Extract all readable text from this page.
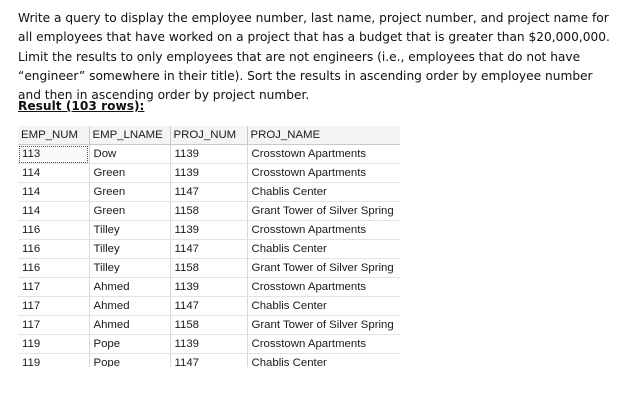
Write a query to display the employee number, last name, project number, and project name for all employees that have worked on a project that has a budget that is greater than $20,000,000. Limit the results to only employees that are not engineers (i.e., employees that do not have “engineer” somewhere in their title). Sort the results in ascending order by employee number and then in ascending order by project number.

Result (103 rows):
EMP_NUM	EMP_LNAME	PROJ_NUM	PROJ_NAME
113	Dow	1139	Crosstown Apartments
114	Green	1139	Crosstown Apartments
114	Green	1147	Chablis Center
114	Green	1158	Grant Tower of Silver Spring
116	Tilley	1139	Crosstown Apartments
116	Tilley	1147	Chablis Center
116	Tilley	1158	Grant Tower of Silver Spring
117	Ahmed	1139	Crosstown Apartments
117	Ahmed	1147	Chablis Center
117	Ahmed	1158	Grant Tower of Silver Spring
119	Pope	1139	Crosstown Apartments
119	Pope	1147	Chablis Center
